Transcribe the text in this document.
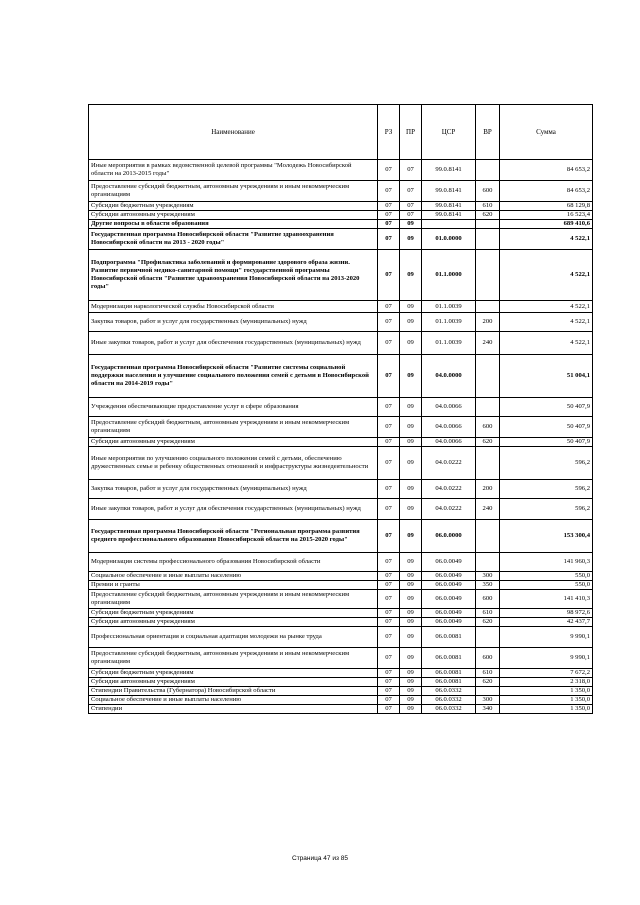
Наименование	РЗ	ПР	ЦСР	ВР	Сумма
Иные мероприятия в рамках ведомственной целевой программы "Молодежь Новосибирской области на 2013-2015 годы"	07	07	99.0.8141		84 653,2
Предоставление субсидий бюджетным, автономным учреждениям и иным некоммерческим организациям	07	07	99.0.8141	600	84 653,2
Субсидии бюджетным учреждениям	07	07	99.0.8141	610	68 129,8
Субсидии автономным учреждениям	07	07	99.0.8141	620	16 523,4
Другие вопросы в области образования	07	09			689 410,6
Государственная программа Новосибирской области "Развитие здравоохранения Новосибирской области на 2013 - 2020 годы"	07	09	01.0.0000		4 522,1
Подпрограмма "Профилактика заболеваний и формирование здорового образа жизни. Развитие первичной медико-санитарной помощи" государственной программы Новосибирской области "Развитие здравоохранения Новосибирской области на 2013-2020 годы"	07	09	01.1.0000		4 522,1
Модернизация наркологической службы Новосибирской области	07	09	01.1.0039		4 522,1
Закупка товаров, работ и услуг для государственных (муниципальных) нужд	07	09	01.1.0039	200	4 522,1
Иные закупки товаров, работ и услуг для обеспечения государственных (муниципальных) нужд	07	09	01.1.0039	240	4 522,1
Государственная программа Новосибирской области "Развитие системы социальной поддержки населения и улучшение социального положения семей с детьми в Новосибирской области на 2014-2019 годы"	07	09	04.0.0000		51 004,1
Учреждения обеспечивающие предоставление услуг в сфере образования	07	09	04.0.0066		50 407,9
Предоставление субсидий бюджетным, автономным учреждениям и иным некоммерческим организациям	07	09	04.0.0066	600	50 407,9
Субсидии автономным учреждениям	07	09	04.0.0066	620	50 407,9
Иные мероприятия по улучшению социального положения семей с детьми, обеспечению дружественных семье и ребенку общественных отношений и инфраструктуры жизнедеятельности	07	09	04.0.0222		596,2
Закупка товаров, работ и услуг для государственных (муниципальных) нужд	07	09	04.0.0222	200	596,2
Иные закупки товаров, работ и услуг для обеспечения государственных (муниципальных) нужд	07	09	04.0.0222	240	596,2
Государственная программа Новосибирской области "Региональная программа развития среднего профессионального образования Новосибирской области на 2015-2020 годы"	07	09	06.0.0000		153 300,4
Модернизация системы профессионального образования Новосибирской области	07	09	06.0.0049		141 960,3
Социальное обеспечение и иные выплаты населению	07	09	06.0.0049	300	550,0
Премии и гранты	07	09	06.0.0049	350	550,0
Предоставление субсидий бюджетным, автономным учреждениям и иным некоммерческим организациям	07	09	06.0.0049	600	141 410,3
Субсидии бюджетным учреждениям	07	09	06.0.0049	610	98 972,6
Субсидии автономным учреждениям	07	09	06.0.0049	620	42 437,7
Профессиональная ориентация и социальная адаптация молодежи на рынке труда	07	09	06.0.0081		9 990,1
Предоставление субсидий бюджетным, автономным учреждениям и иным некоммерческим организациям	07	09	06.0.0081	600	9 990,1
Субсидии бюджетным учреждениям	07	09	06.0.0081	610	7 672,2
Субсидии автономным учреждениям	07	09	06.0.0081	620	2 318,0
Стипендии Правительства (Губернатора) Новосибирской области	07	09	06.0.0332		1 350,0
Социальное обеспечение и иные выплаты населению	07	09	06.0.0332	300	1 350,0
Стипендии	07	09	06.0.0332	340	1 350,0
Страница 47 из 85
